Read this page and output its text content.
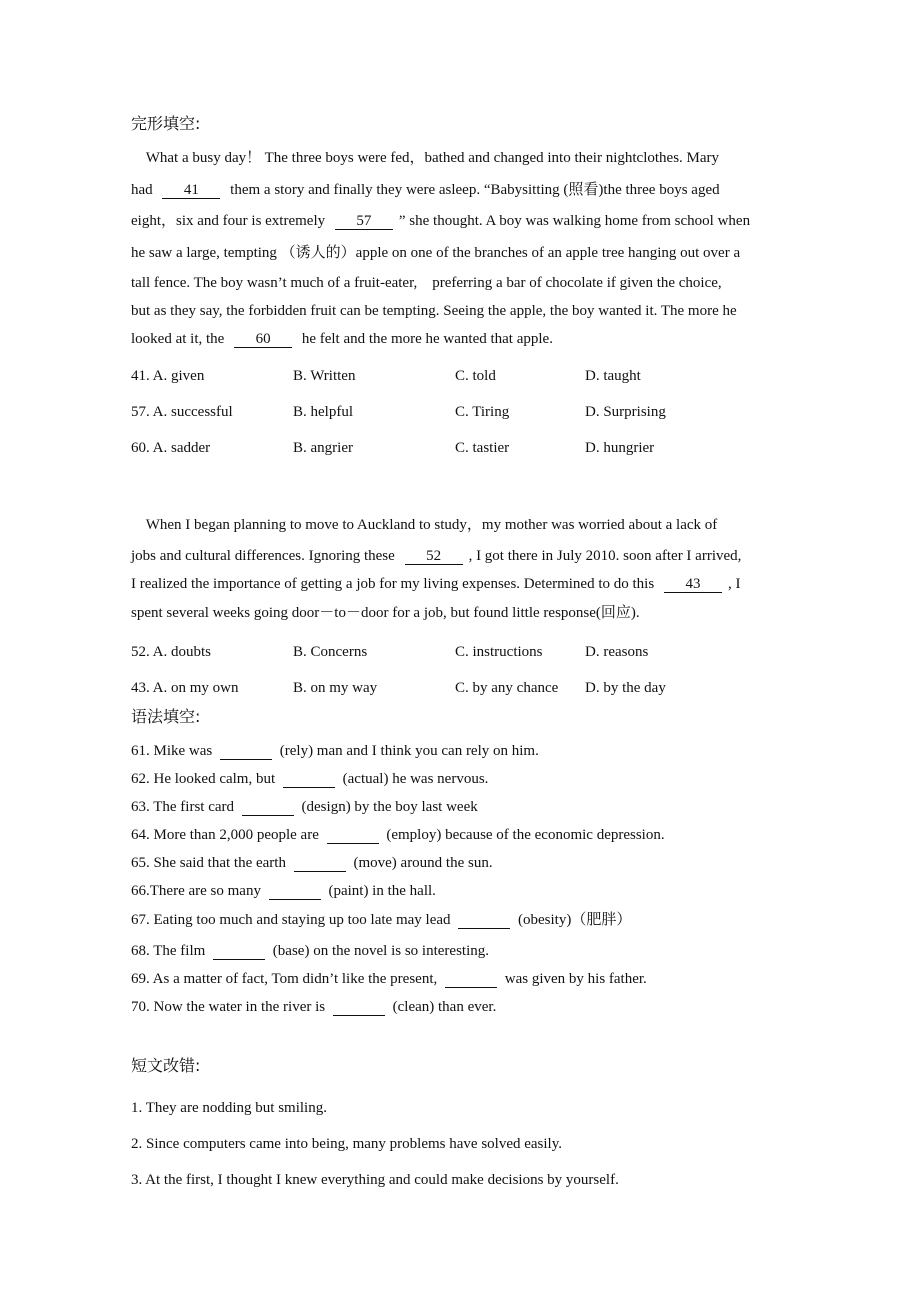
完形填空:
What a busy day！ The three boys were fed，bathed and changed into their nightclothes. Mary
had 41 them a story and finally they were asleep. “Babysitting (照看)the three boys aged
eight，six and four is extremely 57 ” she thought. A boy was walking home from school when
he saw a large, tempting （诱人的）apple on one of the branches of an apple tree hanging out over a
tall fence. The boy wasn’t much of a fruit-eater,    preferring a bar of chocolate if given the choice,
but as they say, the forbidden fruit can be tempting. Seeing the apple, the boy wanted it. The more he
looked at it, the 60 he felt and the more he wanted that apple.
41. A. given	B. Written	C. told	D. taught
57. A. successful	B. helpful	C. Tiring	D. Surprising
60. A. sadder	B. angrier	C. tastier	D. hungrier
When I began planning to move to Auckland to study，my mother was worried about a lack of
jobs and cultural differences. Ignoring these 52 , I got there in July 2010. soon after I arrived,
I realized the importance of getting a job for my living expenses. Determined to do this 43 , I
spent several weeks going door－to－door for a job, but found little response(回应).
52. A. doubts	B. Concerns	C. instructions	D. reasons
43. A. on my own	B. on my way	C. by any chance D. by the day
语法填空:
61. Mike was	(rely) man and I think you can rely on him.
62. He looked calm, but	(actual) he was nervous.
63. The first card	(design) by the boy last week
64. More than 2,000 people are	(employ) because of the economic depression.
65. She said that the earth	(move) around the sun.
66.There are so many	(paint) in the hall.
67. Eating too much and staying up too late may lead	(obesity)（肥胖）
68. The film	(base) on the novel is so interesting.
69. As a matter of fact, Tom didn’t like the present,	was given by his father.
70. Now the water in the river is	(clean) than ever.
短文改错:
1. They are nodding but smiling.
2. Since computers came into being, many problems have solved easily.
3. At the first, I thought I knew everything and could make decisions by yourself.
